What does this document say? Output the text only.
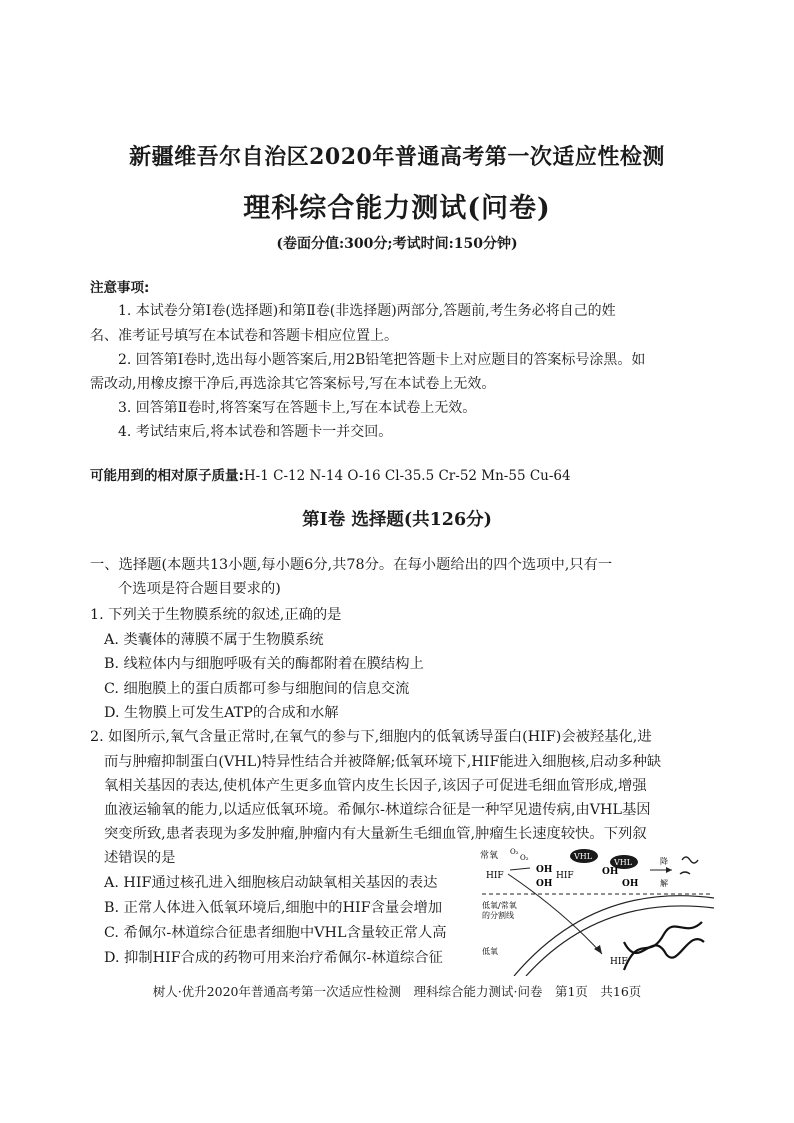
新疆维吾尔自治区2020年普通高考第一次适应性检测
理科综合能力测试(问卷)
(卷面分值:300分;考试时间:150分钟)
注意事项:
1. 本试卷分第Ⅰ卷(选择题)和第Ⅱ卷(非选择题)两部分,答题前,考生务必将自己的姓
名、准考证号填写在本试卷和答题卡相应位置上。
2. 回答第Ⅰ卷时,选出每小题答案后,用2B铅笔把答题卡上对应题目的答案标号涂黑。如
需改动,用橡皮擦干净后,再选涂其它答案标号,写在本试卷上无效。
3. 回答第Ⅱ卷时,将答案写在答题卡上,写在本试卷上无效。
4. 考试结束后,将本试卷和答题卡一并交回。
可能用到的相对原子质量:H-1 C-12 N-14 O-16 Cl-35.5 Cr-52 Mn-55 Cu-64
第Ⅰ卷 选择题(共126分)
一、选择题(本题共13小题,每小题6分,共78分。在每小题给出的四个选项中,只有一
个选项是符合题目要求的)
1. 下列关于生物膜系统的叙述,正确的是
A. 类囊体的薄膜不属于生物膜系统
B. 线粒体内与细胞呼吸有关的酶都附着在膜结构上
C. 细胞膜上的蛋白质都可参与细胞间的信息交流
D. 生物膜上可发生ATP的合成和水解
2. 如图所示,氧气含量正常时,在氧气的参与下,细胞内的低氧诱导蛋白(HIF)会被羟基化,进
而与肿瘤抑制蛋白(VHL)特异性结合并被降解;低氧环境下,HIF能进入细胞核,启动多种缺
氧相关基因的表达,使机体产生更多血管内皮生长因子,该因子可促进毛细血管形成,增强
血液运输氧的能力,以适应低氧环境。希佩尔-林道综合征是一种罕见遗传病,由VHL基因
突变所致,患者表现为多发肿瘤,肿瘤内有大量新生毛细血管,肿瘤生长速度较快。下列叙
述错误的是
A. HIF通过核孔进入细胞核启动缺氧相关基因的表达
B. 正常人体进入低氧环境后,细胞中的HIF含量会增加
C. 希佩尔-林道综合征患者细胞中VHL含量较正常人高
D. 抑制HIF合成的药物可用来治疗希佩尔-林道综合征
常氧 O₂
O₂
HIF
OH
HIF
OH
VHL
VHL
OH
OH
降
解
低氧/常氧
的分割线
低氧
HIF
树人·优升2020年普通高考第一次适应性检测　理科综合能力测试·问卷　第1页　共16页
